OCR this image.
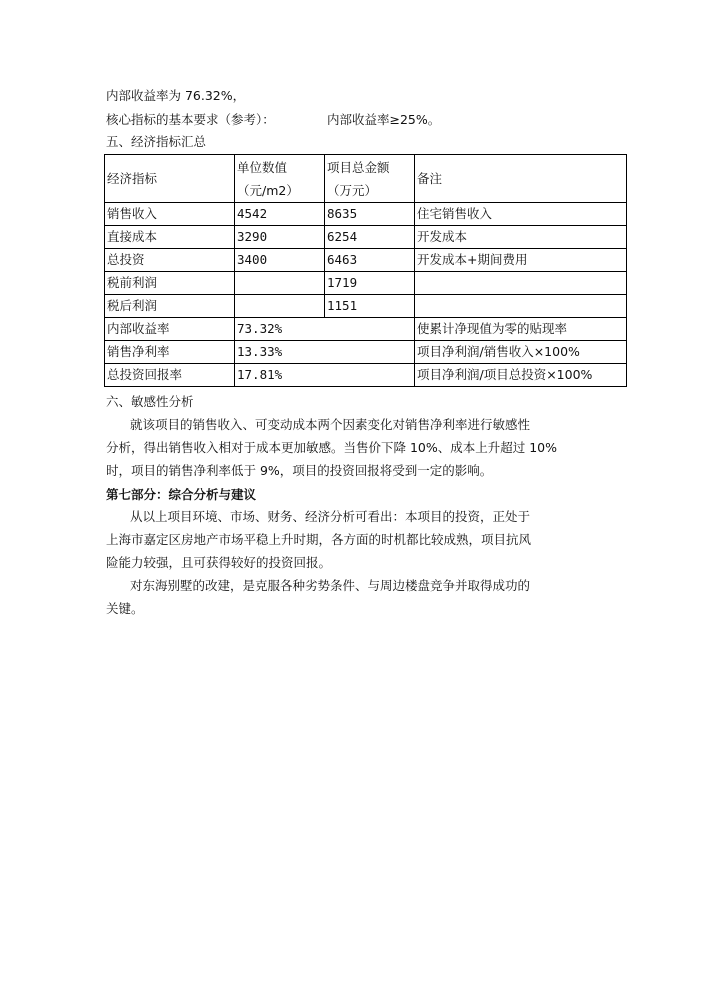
内部收益率为 76.32%，
核心指标的基本要求（参考）：	内部收益率≥25%。
五、经济指标汇总
经济指标	单位数值（元/m2）	项目总金额（万元）	备注
销售收入	4542	8635	住宅销售收入
直接成本	3290	6254	开发成本
总投资	3400	6463	开发成本+期间费用
税前利润		1719	
税后利润		1151	
内部收益率	73.32%		使累计净现值为零的贴现率
销售净利率	13.33%		项目净利润/销售收入×100%
总投资回报率	17.81%		项目净利润/项目总投资×100%
六、敏感性分析
就该项目的销售收入、可变动成本两个因素变化对销售净利率进行敏感性
分析，得出销售收入相对于成本更加敏感。当售价下降 10%、成本上升超过 10%
时，项目的销售净利率低于 9%，项目的投资回报将受到一定的影响。
第七部分：综合分析与建议
从以上项目环境、市场、财务、经济分析可看出：本项目的投资，正处于
上海市嘉定区房地产市场平稳上升时期，各方面的时机都比较成熟，项目抗风
险能力较强，且可获得较好的投资回报。
对东海别墅的改建，是克服各种劣势条件、与周边楼盘竞争并取得成功的
关键。
